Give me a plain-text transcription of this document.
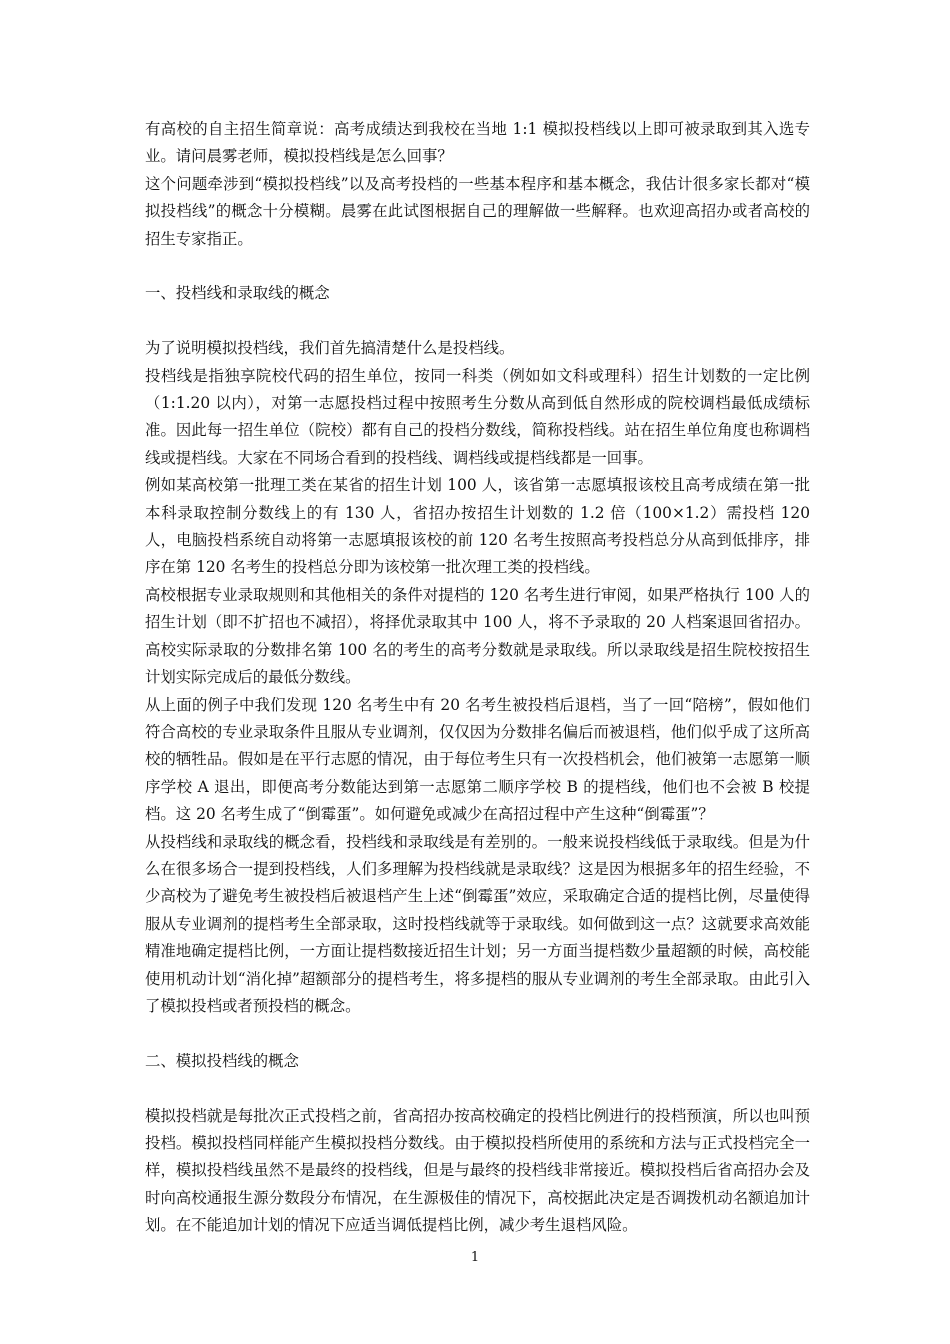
有高校的自主招生简章说：高考成绩达到我校在当地 1:1 模拟投档线以上即可被录取到其入选专业。请问晨雾老师，模拟投档线是怎么回事？

这个问题牵涉到“模拟投档线”以及高考投档的一些基本程序和基本概念，我估计很多家长都对“模拟投档线”的概念十分模糊。晨雾在此试图根据自己的理解做一些解释。也欢迎高招办或者高校的招生专家指正。

一、投档线和录取线的概念

为了说明模拟投档线，我们首先搞清楚什么是投档线。

投档线是指独享院校代码的招生单位，按同一科类（例如如文科或理科）招生计划数的一定比例（1:1.20 以内），对第一志愿投档过程中按照考生分数从高到低自然形成的院校调档最低成绩标准。因此每一招生单位（院校）都有自己的投档分数线，简称投档线。站在招生单位角度也称调档线或提档线。大家在不同场合看到的投档线、调档线或提档线都是一回事。

例如某高校第一批理工类在某省的招生计划 100 人，该省第一志愿填报该校且高考成绩在第一批本科录取控制分数线上的有 130 人，省招办按招生计划数的 1.2 倍（100×1.2）需投档 120 人，电脑投档系统自动将第一志愿填报该校的前 120 名考生按照高考投档总分从高到低排序，排序在第 120 名考生的投档总分即为该校第一批次理工类的投档线。

高校根据专业录取规则和其他相关的条件对提档的 120 名考生进行审阅，如果严格执行 100 人的招生计划（即不扩招也不减招），将择优录取其中 100 人，将不予录取的 20 人档案退回省招办。高校实际录取的分数排名第 100 名的考生的高考分数就是录取线。所以录取线是招生院校按招生计划实际完成后的最低分数线。

从上面的例子中我们发现 120 名考生中有 20 名考生被投档后退档，当了一回“陪榜”，假如他们符合高校的专业录取条件且服从专业调剂，仅仅因为分数排名偏后而被退档，他们似乎成了这所高校的牺牲品。假如是在平行志愿的情况，由于每位考生只有一次投档机会，他们被第一志愿第一顺序学校 A 退出，即便高考分数能达到第一志愿第二顺序学校 B 的提档线，他们也不会被 B 校提档。这 20 名考生成了“倒霉蛋”。如何避免或减少在高招过程中产生这种“倒霉蛋”？

从投档线和录取线的概念看，投档线和录取线是有差别的。一般来说投档线低于录取线。但是为什么在很多场合一提到投档线，人们多理解为投档线就是录取线？这是因为根据多年的招生经验，不少高校为了避免考生被投档后被退档产生上述“倒霉蛋”效应，采取确定合适的提档比例，尽量使得服从专业调剂的提档考生全部录取，这时投档线就等于录取线。如何做到这一点？这就要求高效能精准地确定提档比例，一方面让提档数接近招生计划；另一方面当提档数少量超额的时候，高校能使用机动计划“消化掉”超额部分的提档考生，将多提档的服从专业调剂的考生全部录取。由此引入了模拟投档或者预投档的概念。

二、模拟投档线的概念

模拟投档就是每批次正式投档之前，省高招办按高校确定的投档比例进行的投档预演，所以也叫预投档。模拟投档同样能产生模拟投档分数线。由于模拟投档所使用的系统和方法与正式投档完全一样，模拟投档线虽然不是最终的投档线，但是与最终的投档线非常接近。模拟投档后省高招办会及时向高校通报生源分数段分布情况，在生源极佳的情况下，高校据此决定是否调拨机动名额追加计划。在不能追加计划的情况下应适当调低提档比例，减少考生退档风险。

1
